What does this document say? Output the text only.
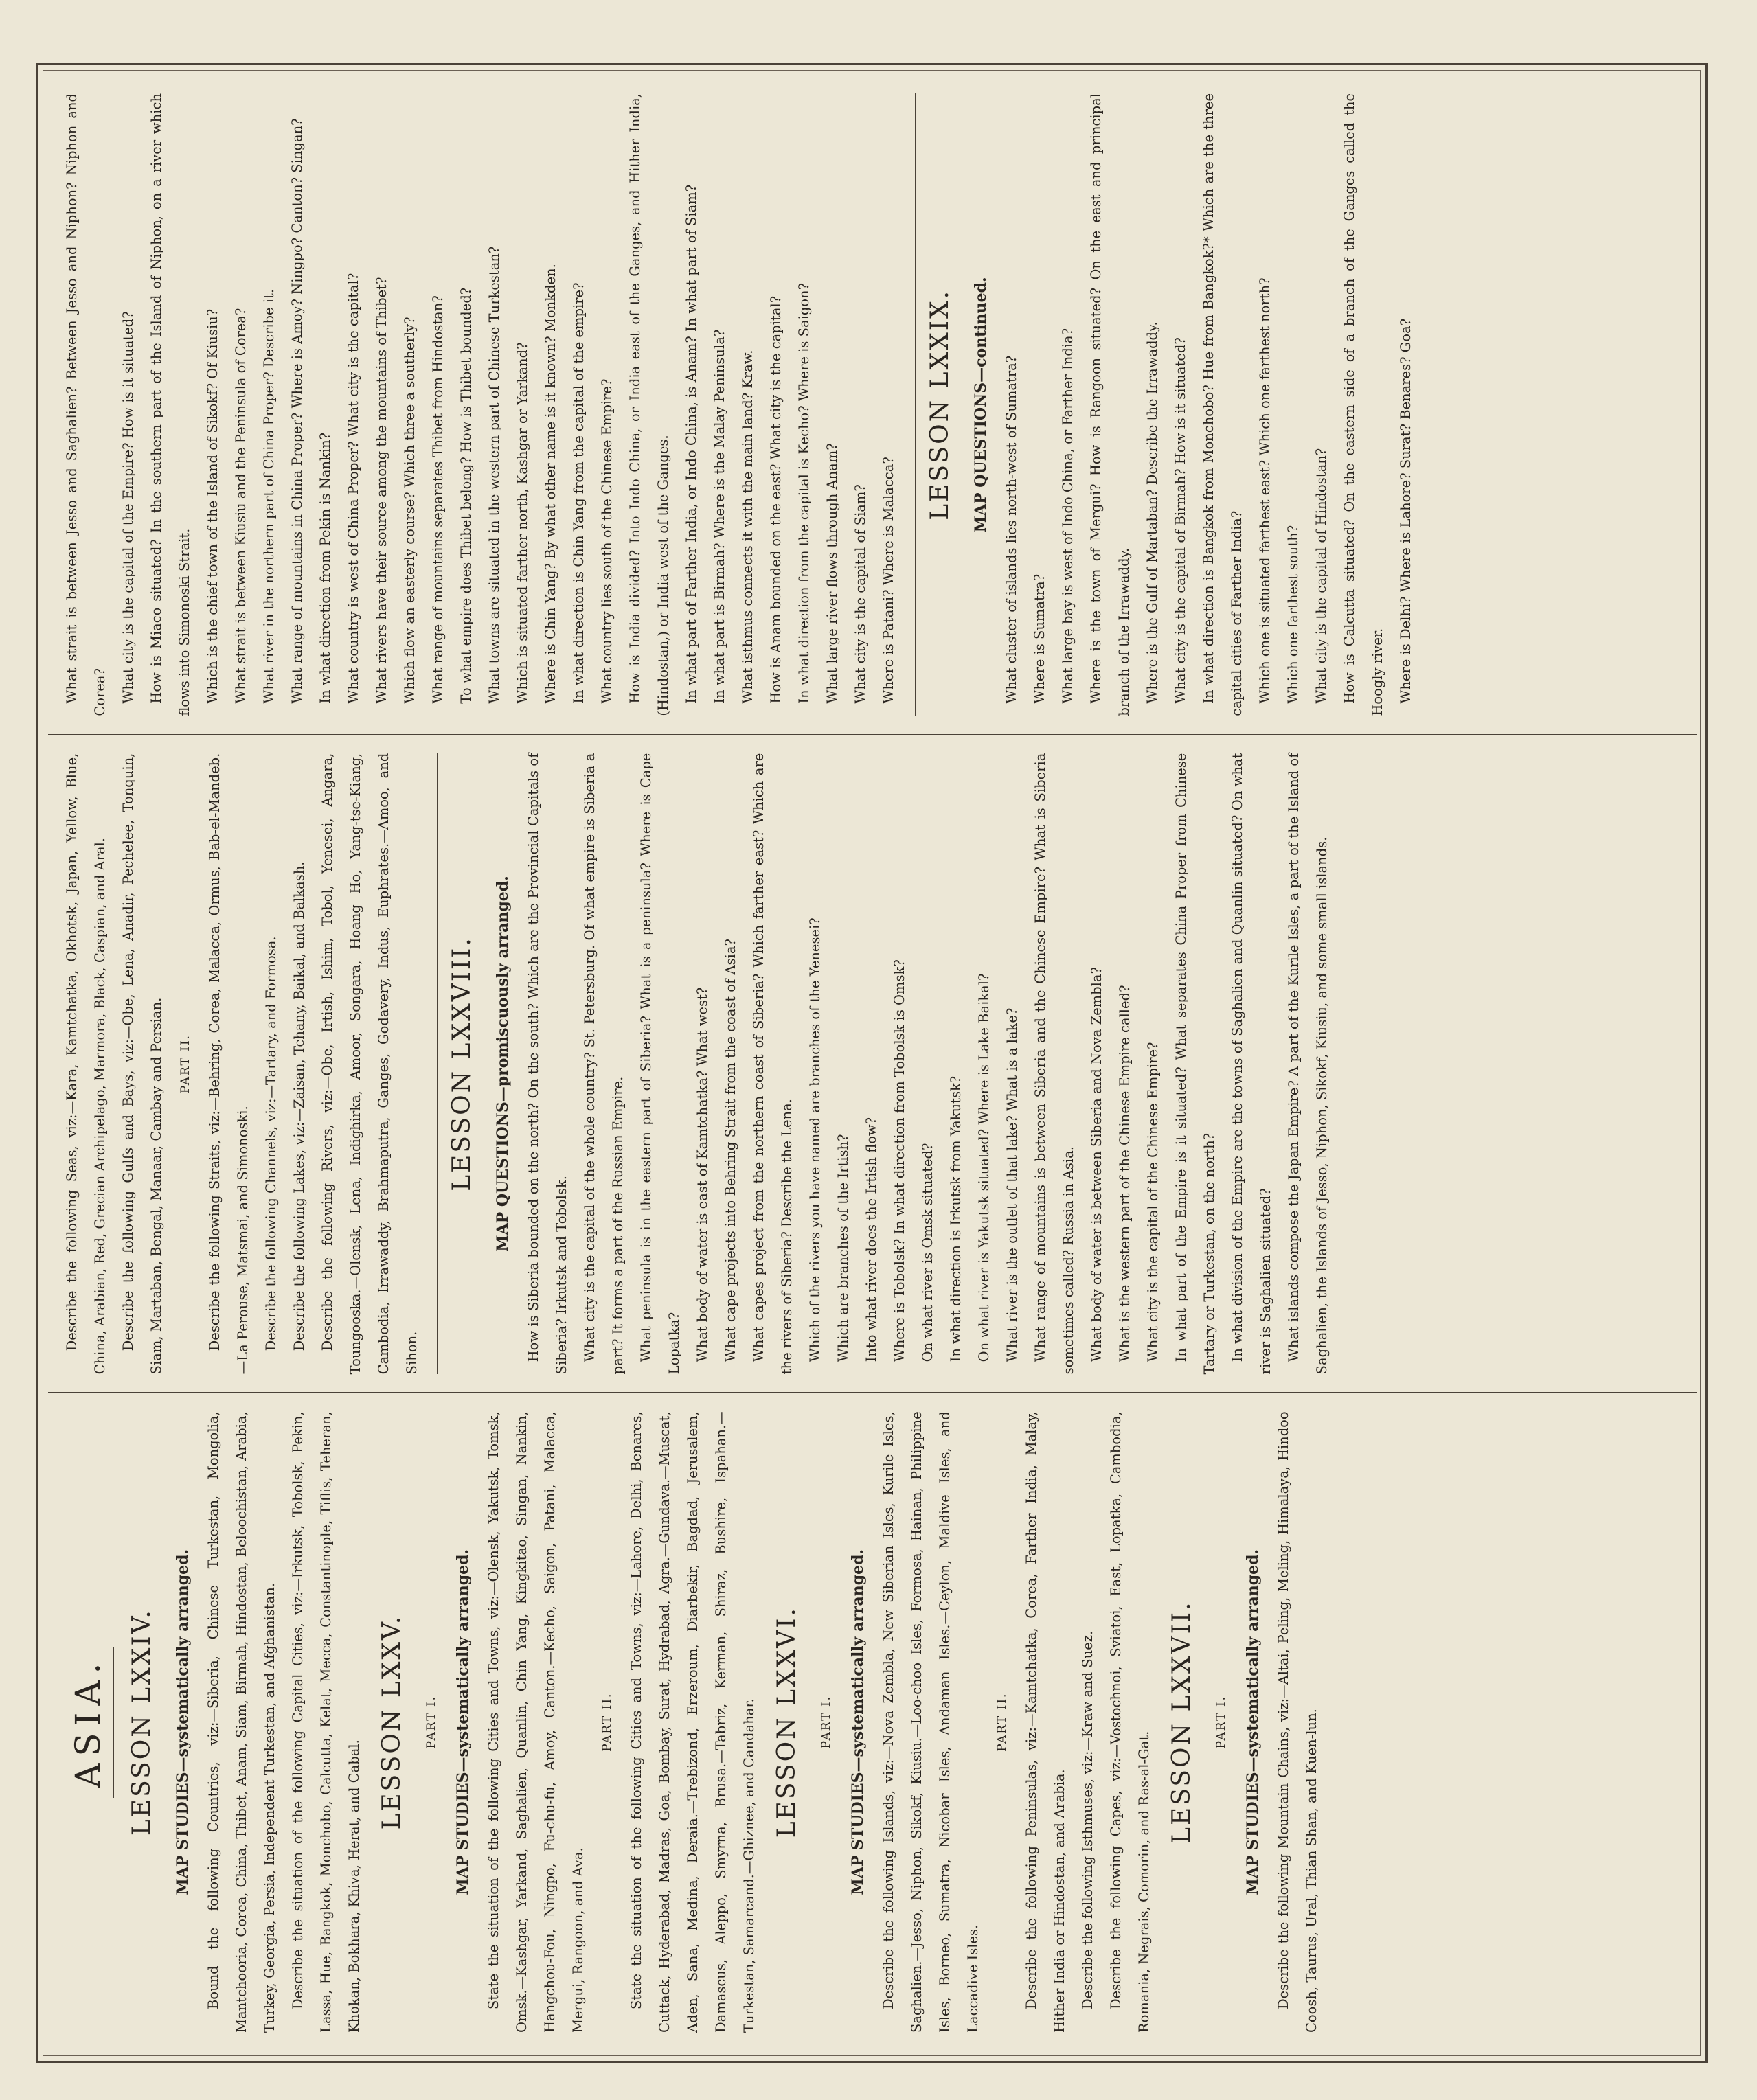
ASIA. LESSON LXXIV.	MAP STUDIES—systematically arranged.	Bound the following Countries, viz:—Siberia, Chinese Turkestan, Mongolia, Mantchooria, Corea, China, Thibet, Anam, Siam, Birmah, Hindostan, Beloochistan, Arabia, Turkey, Georgia, Persia, Independent Turkestan, and Afghanistan. Describe the situation of the following Capital Cities, viz:—Irkutsk, Tobolsk, Pekin, Lassa, Hue, Bangkok, Monchobo, Calcutta, Kelat, Mecca, Constantinople, Tiflis, Teheran, Khokan, Bokhara, Khiva, Herat, and Cabal.

LESSON LXXV.	PART I.	MAP STUDIES—systematically arranged.	State the situation of the following Cities and Towns, viz:—Olensk, Yakutsk, Tomsk, Omsk.—Kashgar, Yarkand, Saghalien, Quanlin, Chin Yang, Kingkitao, Singan, Nankin, Hangchou-Fou, Ningpo, Fu-chu-fu, Amoy, Canton.—Kecho, Saigon, Patani, Malacca, Mergui, Rangoon, and Ava.

PART II.	State the situation of the following Cities and Towns, viz:—Lahore, Delhi, Benares, Cuttack, Hyderabad, Madras, Goa, Bombay, Surat, Hydrabad, Agra.—Gundava.—Muscat, Aden, Sana, Medina, Deraia.—Trebizond, Erzeroum, Diarbekir, Bagdad, Jerusalem, Damascus, Aleppo, Smyrna, Brusa.—Tabriz, Kerman, Shiraz, Bushire, Ispahan.—Turkestan, Samarcand.—Ghiznee, and Candahar. LESSON LXXVI.	PART I.	MAP STUDIES—systematically arranged.	Describe the following Islands, viz:—Nova Zembla, New Siberian Isles, Kurile Isles, Saghalien.—Jesso, Niphon, Sikokf, Kiusiu.—Loo-choo Isles, Formosa, Hainan, Philippine Isles, Borneo, Sumatra, Nicobar Isles, Andaman Isles.—Ceylon, Maldive Isles, and Laccadive Isles.

PART II.	Describe the following Peninsulas, viz:—Kamtchatka, Corea, Farther India, Malay, Hither India or Hindostan, and Arabia. Describe the following Isthmuses, viz:—Kraw and Suez. Describe the following Capes, viz:—Vostochnoi, Sviatoi, East, Lopatka, Cambodia, Romania, Negrais, Comorin, and Ras-al-Gat.

LESSON LXXVII.	PART I.	MAP STUDIES—systematically arranged.	Describe the following Mountain Chains, viz:—Altai, Peling, Meling, Himalaya, Hindoo Coosh, Taurus, Ural, Thian Shan, and Kuen-lun.

Describe the following Seas, viz:—Kara, Kamtchatka, Okhotsk, Japan, Yellow, Blue, China, Arabian, Red, Grecian Archipelago, Marmora, Black, Caspian, and Aral. Describe the following Gulfs and Bays, viz:—Obe, Lena, Anadir, Pechelee, Tonquin, Siam, Martaban, Bengal, Manaar, Cambay and Persian.	PART II.	Describe the following Straits, viz:—Behring, Corea, Malacca, Ormus, Bab-el-Mandeb.—La Perouse, Matsmai, and Simonoski. Describe the following Channels, viz:—Tartary, and Formosa. Describe the following Lakes, viz:—Zaisan, Tchany, Baikal, and Balkash. Describe the following Rivers, viz:—Obe, Irtish, Ishim, Tobol, Yenesei, Angara, Toungooska.—Olensk, Lena, Indighirka, Amoor, Songara, Hoang Ho, Yang-tse-Kiang, Cambodia, Irrawaddy, Brahmaputra, Ganges, Godavery, Indus, Euphrates.—Amoo, and Sihon.

LESSON LXXVIII.	MAP QUESTIONS—promiscuously arranged.	How is Siberia bounded on the north? On the south? Which are the Provincial Capitals of Siberia? Irkutsk and Tobolsk. What city is the capital of the whole country? St. Petersburg. Of what empire is Siberia a part? It forms a part of the Russian Empire. What peninsula is in the eastern part of Siberia? What is a peninsula? Where is Cape Lopatka? What body of water is east of Kamtchatka? What west? What cape projects into Behring Strait from the coast of Asia? What capes project from the northern coast of Siberia? Which farther east? Which are the rivers of Siberia? Describe the Lena. Which of the rivers you have named are branches of the Yenesei? Which are branches of the Irtish? Into what river does the Irtish flow? Where is Tobolsk? In what direction from Tobolsk is Omsk? On what river is Omsk situated? In what direction is Irkutsk from Yakutsk? On what river is Yakutsk situated? Where is Lake Baikal? What river is the outlet of that lake? What is a lake? What range of mountains is between Siberia and the Chinese Empire? What is Siberia sometimes called? Russia in Asia. What body of water is between Siberia and Nova Zembla? What is the western part of the Chinese Empire called? What city is the capital of the Chinese Empire? In what part of the Empire is it situated? What separates China Proper from Chinese Tartary or Turkestan, on the north? In what division of the Empire are the towns of Saghalien and Quanlin situated? On what river is Saghalien situated? What islands compose the Japan Empire? A part of the Kurile Isles, a part of the Island of Saghalien, the Islands of Jesso, Niphon, Sikokf, Kiusiu, and some small islands.

What strait is between Jesso and Saghalien? Between Jesso and Niphon? Niphon and Corea? What city is the capital of the Empire? How is it situated? How is Miaco situated? In the southern part of the Island of Niphon, on a river which flows into Simonoski Strait. Which is the chief town of the Island of Sikokf? Of Kiusiu? What strait is between Kiusiu and the Peninsula of Corea? What river in the northern part of China Proper? Describe it. What range of mountains in China Proper? Where is Amoy? Ningpo? Canton? Singan? In what direction from Pekin is Nankin? What country is west of China Proper? What city is the capital? What rivers have their source among the mountains of Thibet? Which flow an easterly course? Which three a southerly? What range of mountains separates Thibet from Hindostan? To what empire does Thibet belong? How is Thibet bounded? What towns are situated in the western part of Chinese Turkestan? Which is situated farther north, Kashgar or Yarkand? Where is Chin Yang? By what other name is it known? Monkden. In what direction is Chin Yang from the capital of the empire? What country lies south of the Chinese Empire? How is India divided? Into Indo China, or India east of the Ganges, and Hither India, (Hindostan,) or India west of the Ganges. In what part of Farther India, or Indo China, is Anam? In what part of Siam? In what part is Birmah? Where is the Malay Peninsula? What isthmus connects it with the main land? Kraw. How is Anam bounded on the east? What city is the capital? In what direction from the capital is Kecho? Where is Saigon? What large river flows through Anam? What city is the capital of Siam? Where is Patani? Where is Malacca?

LESSON LXXIX.	MAP QUESTIONS—continued.	What cluster of islands lies north-west of Sumatra? Where is Sumatra? What large bay is west of Indo China, or Farther India? Where is the town of Mergui? How is Rangoon situated? On the east and principal branch of the Irrawaddy. Where is the Gulf of Martaban? Describe the Irrawaddy. What city is the capital of Birmah? How is it situated? In what direction is Bangkok from Monchobo? Hue from Bangkok?* Which are the three capital cities of Farther India? Which one is situated farthest east? Which one farthest north? Which one farthest south? What city is the capital of Hindostan? How is Calcutta situated? On the eastern side of a branch of the Ganges called the Hoogly river. Where is Delhi? Where is Lahore? Surat? Benares? Goa?
